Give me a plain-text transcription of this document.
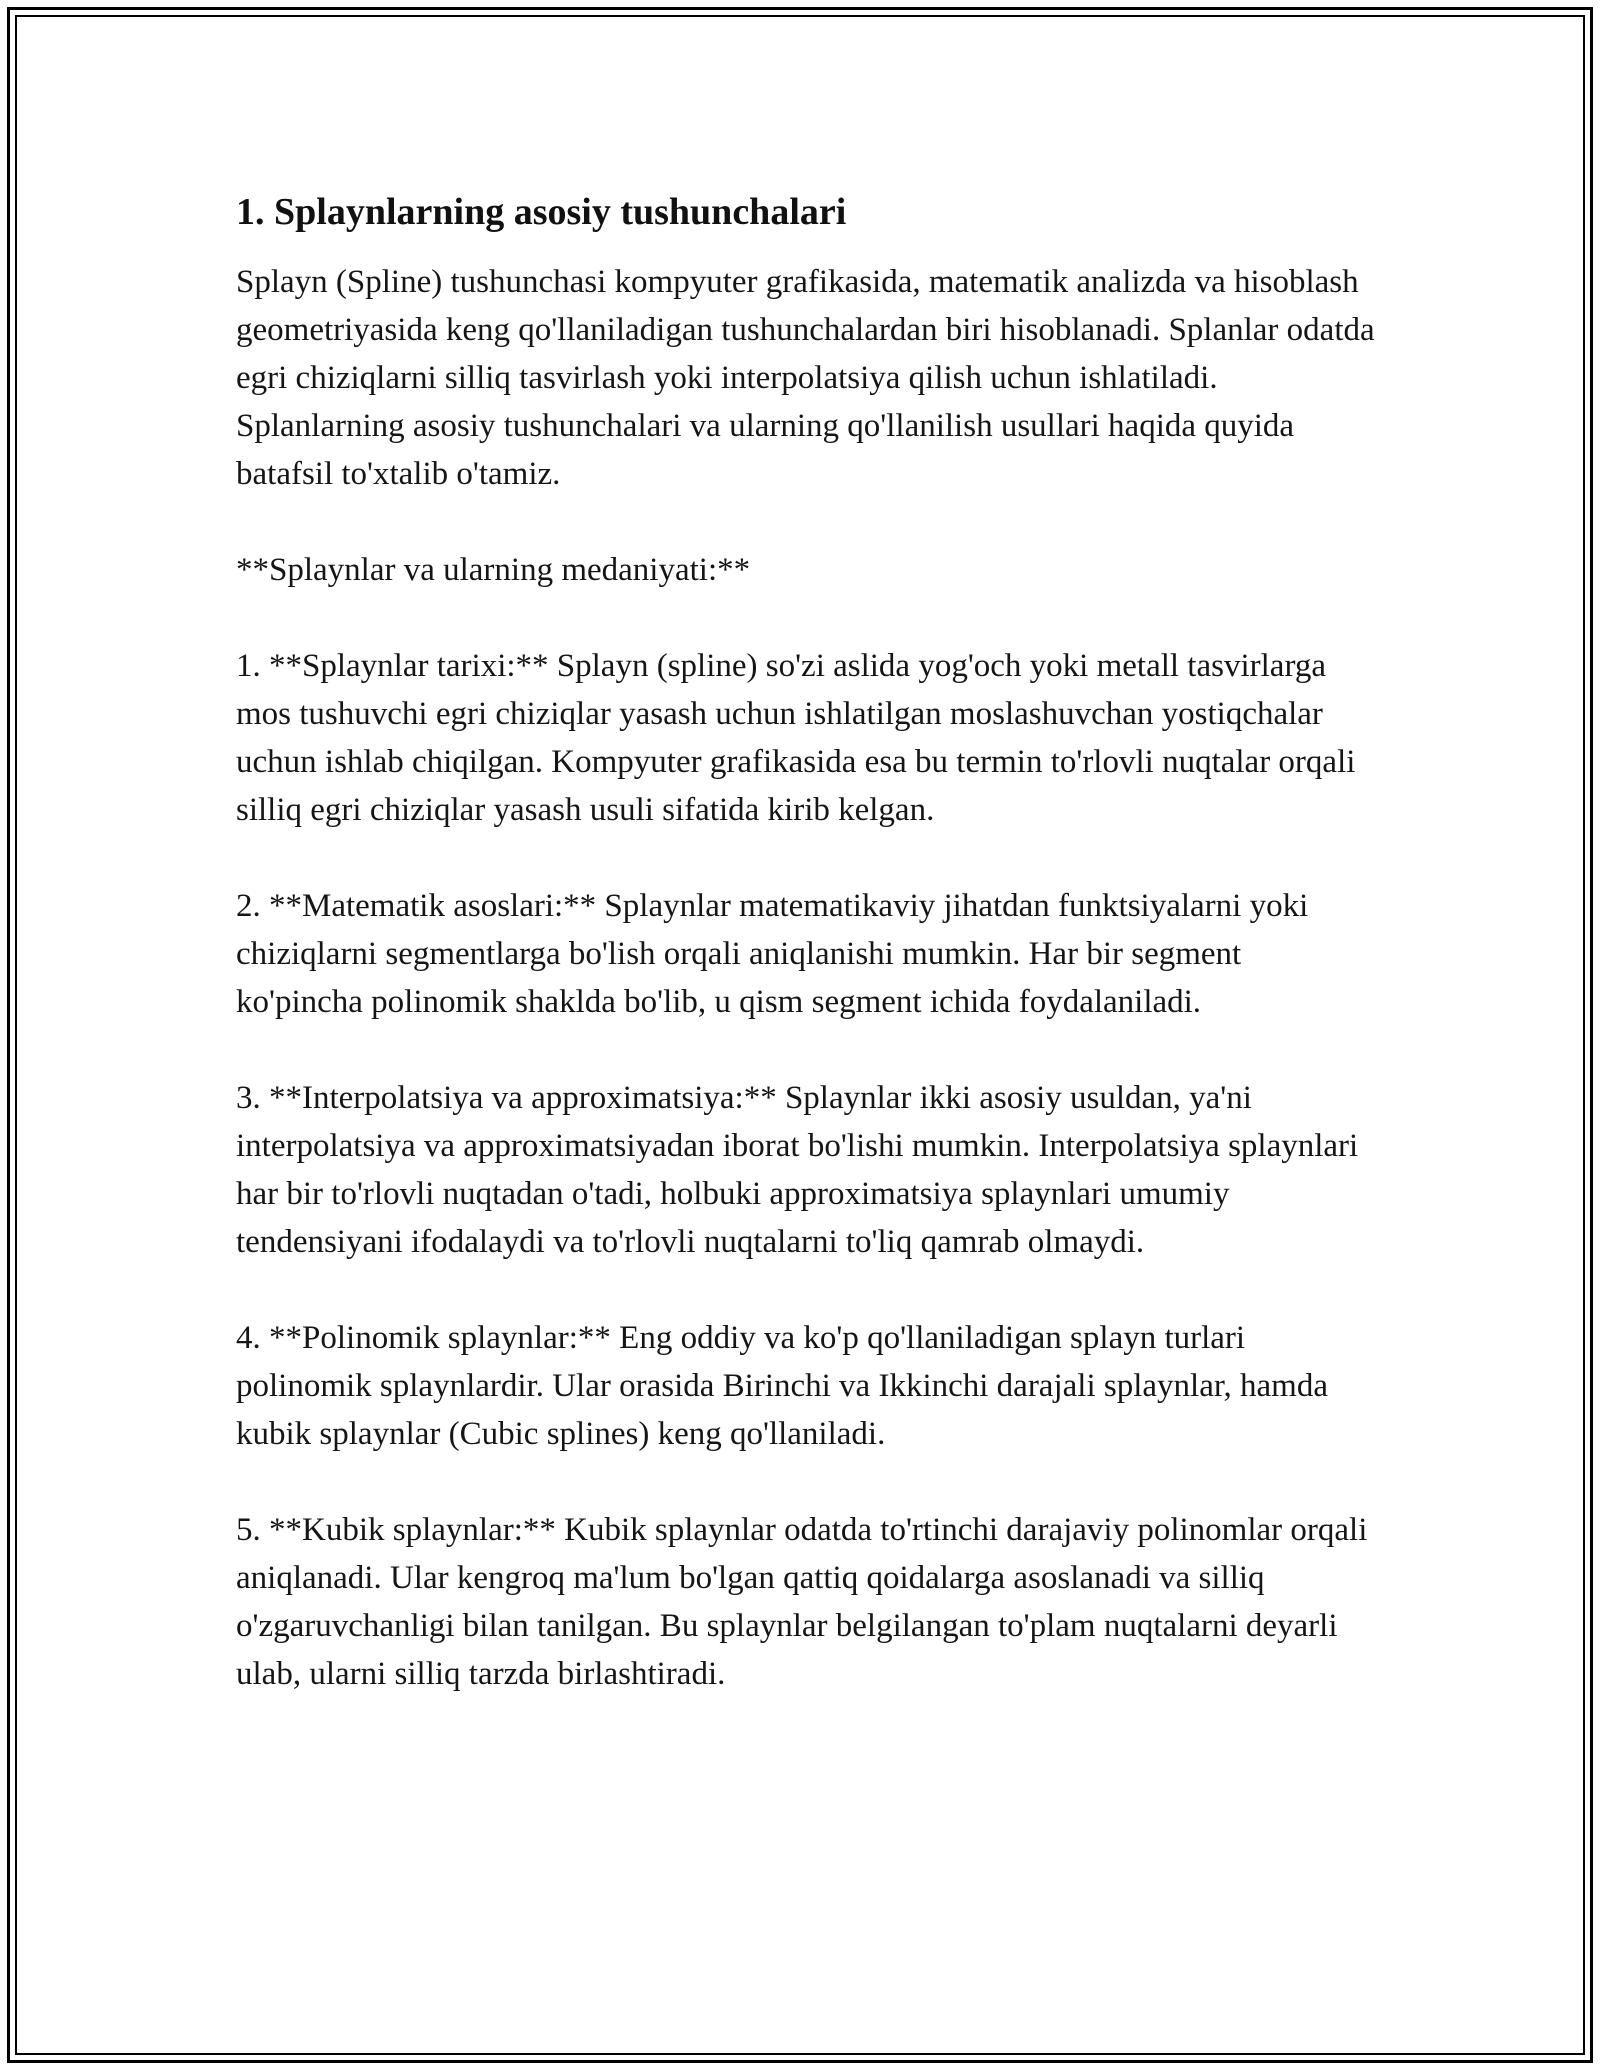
1. Splaynlarning asosiy tushunchalari

Splayn (Spline) tushunchasi kompyuter grafikasida, matematik analizda va hisoblash geometriyasida keng qo'llaniladigan tushunchalardan biri hisoblanadi. Splanlar odatda egri chiziqlarni silliq tasvirlash yoki interpolatsiya qilish uchun ishlatiladi. Splanlarning asosiy tushunchalari va ularning qo'llanilish usullari haqida quyida batafsil to'xtalib o'tamiz.

**Splaynlar va ularning medaniyati:**

1. **Splaynlar tarixi:** Splayn (spline) so'zi aslida yog'och yoki metall tasvirlarga mos tushuvchi egri chiziqlar yasash uchun ishlatilgan moslashuvchan yostiqchalar uchun ishlab chiqilgan. Kompyuter grafikasida esa bu termin to'rlovli nuqtalar orqali silliq egri chiziqlar yasash usuli sifatida kirib kelgan.

2. **Matematik asoslari:** Splaynlar matematikaviy jihatdan funktsiyalarni yoki chiziqlarni segmentlarga bo'lish orqali aniqlanishi mumkin. Har bir segment ko'pincha polinomik shaklda bo'lib, u qism segment ichida foydalaniladi.

3. **Interpolatsiya va approximatsiya:** Splaynlar ikki asosiy usuldan, ya'ni interpolatsiya va approximatsiyadan iborat bo'lishi mumkin. Interpolatsiya splaynlari har bir to'rlovli nuqtadan o'tadi, holbuki approximatsiya splaynlari umumiy tendensiyani ifodalaydi va to'rlovli nuqtalarni to'liq qamrab olmaydi.

4. **Polinomik splaynlar:** Eng oddiy va ko'p qo'llaniladigan splayn turlari polinomik splaynlardir. Ular orasida Birinchi va Ikkinchi darajali splaynlar, hamda kubik splaynlar (Cubic splines) keng qo'llaniladi.

5. **Kubik splaynlar:** Kubik splaynlar odatda to'rtinchi darajaviy polinomlar orqali aniqlanadi. Ular kengroq ma'lum bo'lgan qattiq qoidalarga asoslanadi va silliq o'zgaruvchanligi bilan tanilgan. Bu splaynlar belgilangan to'plam nuqtalarni deyarli ulab, ularni silliq tarzda birlashtiradi.
